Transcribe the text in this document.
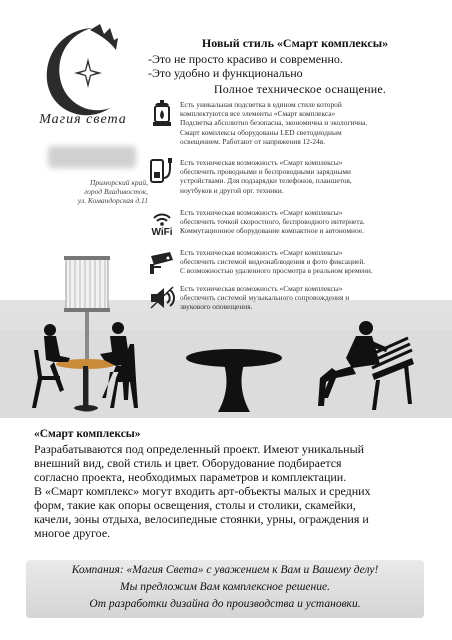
Магия света
Приморский край,
город Владивосток,
ул. Командорская д.11
Новый стиль «Смарт комплексы»
-Это не просто красиво и современно.
-Это удобно и функционально
Полное техническое оснащение.
Есть уникальная подсветка в едином стиле которой
комплектуются все элементы «Смарт комплекса»
Подсветка абсолютно безопасна, экономична и экологична.
Смарт комплексы оборудованы LED светодиодным
освещением. Работают от напряжения 12-24в.
Есть техническая возможность «Смарт комплексы»
обеспечить проводными и беспроводными зарядными
устройствами. Для подзарядки телефонов, планшетов,
ноутбуков и другой орг. техники.
WiFi
Есть техническая возможность «Смарт комплексы»
обеспечить точкой скоростного, беспроводного интернета.
Коммутационное оборудование компактное и автономное.
Есть техническая возможность «Смарт комплексы»
обеспечить системой видеонаблюдения и фото фиксацией.
С возможностью удаленного просмотра в реальном времени.
Есть техническая возможность «Смарт комплексы»
обеспечить системой музыкального сопровождения и
звукового оповещения.
«Смарт комплексы»
Разрабатываются под определенный проект. Имеют уникальный
внешний вид, свой стиль и цвет. Оборудование подбирается
согласно проекта, необходимых параметров и комплектации.
В «Смарт комплекс» могут входить арт-объекты малых и средних
форм, такие как опоры освещения, столы и столики, скамейки,
качели, зоны отдыха, велосипедные стоянки, урны, ограждения и
многое другое.
Компания: «Магия Света» с уважением к Вам и Вашему делу!
Мы предложим Вам комплексное решение.
От разработки дизайна до производства и установки.
